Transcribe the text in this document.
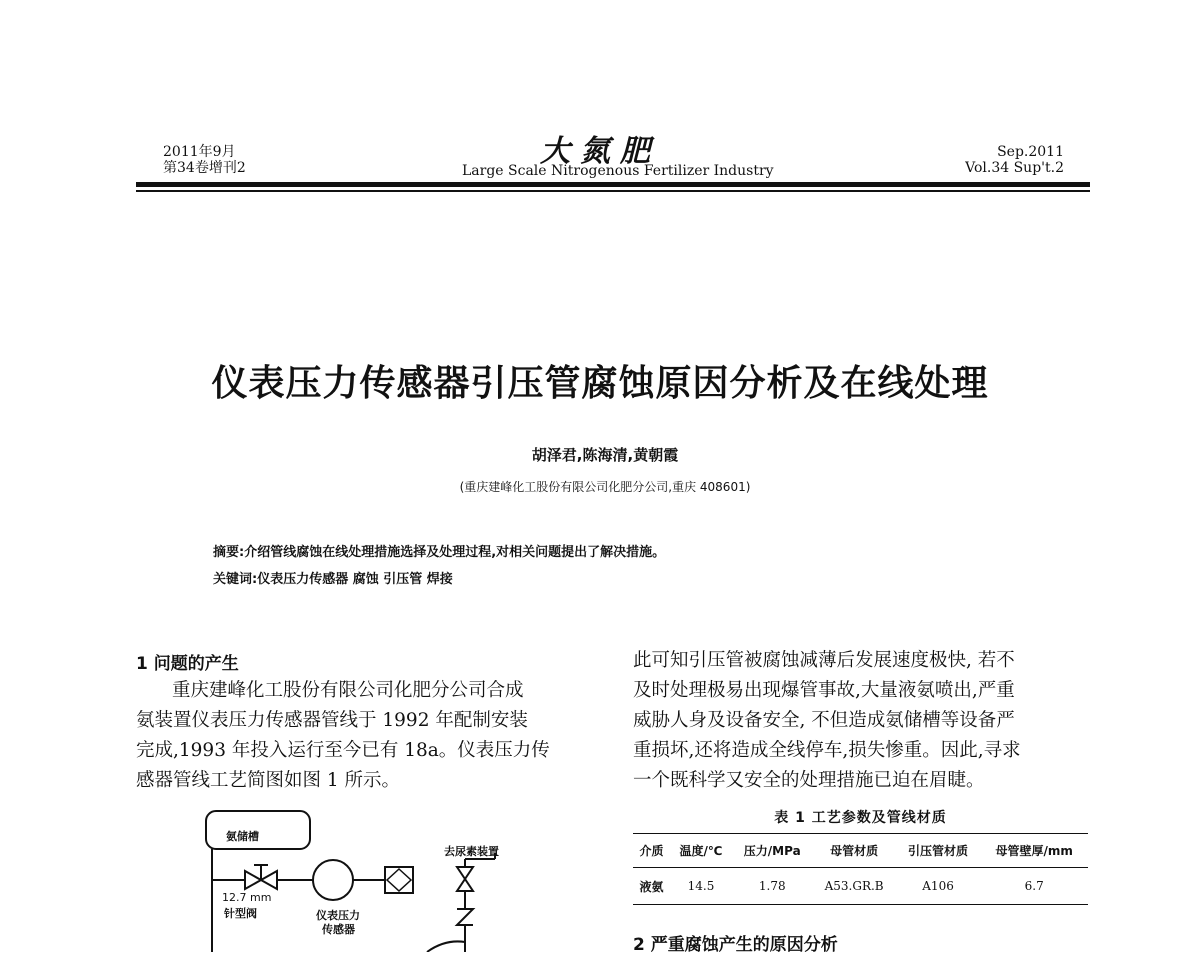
2011年9月
第34卷增刊2	大氮肥
Large Scale Nitrogenous Fertilizer Industry
Sep.2011
Vol.34 Sup't.2
仪表压力传感器引压管腐蚀原因分析及在线处理
胡泽君,陈海清,黄朝霞
(重庆建峰化工股份有限公司化肥分公司,重庆 408601)
摘要:介绍管线腐蚀在线处理措施选择及处理过程,对相关问题提出了解决措施。
关键词:仪表压力传感器 腐蚀 引压管 焊接
1 问题的产生
重庆建峰化工股份有限公司化肥分公司合成
氨装置仪表压力传感器管线于 1992 年配制安装
完成,1993 年投入运行至今已有 18a。仪表压力传
感器管线工艺简图如图 1 所示。
氨储槽
去尿素装置
12.7 mm
针型阀	仪表压力
传感器
此可知引压管被腐蚀减薄后发展速度极快, 若不
及时处理极易出现爆管事故,大量液氨喷出,严重
威胁人身及设备安全, 不但造成氨储槽等设备严
重损坏,还将造成全线停车,损失惨重。因此,寻求
一个既科学又安全的处理措施已迫在眉睫。
表 1 工艺参数及管线材质
介质	温度/℃	压力/MPa	母管材质	引压管材质	母管壁厚/mm
液氨	14.5	1.78	A53.GR.B	A106	6.7
2 严重腐蚀产生的原因分析
